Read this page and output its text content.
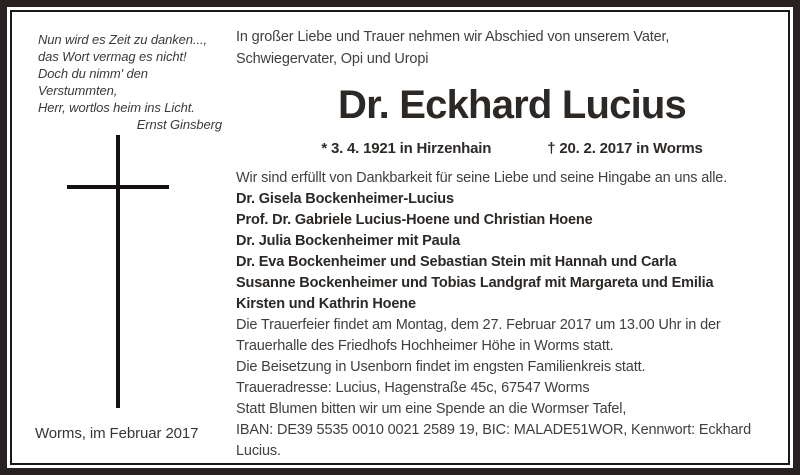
Nun wird es Zeit zu danken...,
das Wort vermag es nicht!
Doch du nimm' den Verstummten,
Herr, wortlos heim ins Licht.
Ernst Ginsberg
Worms, im Februar 2017
In großer Liebe und Trauer nehmen wir Abschied von unserem Vater,
Schwiegervater, Opi und Uropi
Dr. Eckhard Lucius
* 3. 4. 1921 in Hirzenhain	† 20. 2. 2017 in Worms
Wir sind erfüllt von Dankbarkeit für seine Liebe und seine Hingabe an uns alle.
Dr. Gisela Bockenheimer-Lucius
Prof. Dr. Gabriele Lucius-Hoene und Christian Hoene
Dr. Julia Bockenheimer mit Paula
Dr. Eva Bockenheimer und Sebastian Stein mit Hannah und Carla
Susanne Bockenheimer und Tobias Landgraf mit Margareta und Emilia
Kirsten und Kathrin Hoene
Die Trauerfeier findet am Montag, dem 27. Februar 2017 um 13.00 Uhr in der
Trauerhalle des Friedhofs Hochheimer Höhe in Worms statt.
Die Beisetzung in Usenborn findet im engsten Familienkreis statt.
Traueradresse: Lucius, Hagenstraße 45c, 67547 Worms
Statt Blumen bitten wir um eine Spende an die Wormser Tafel,
IBAN: DE39 5535 0010 0021 2589 19, BIC: MALADE51WOR, Kennwort: Eckhard Lucius.
